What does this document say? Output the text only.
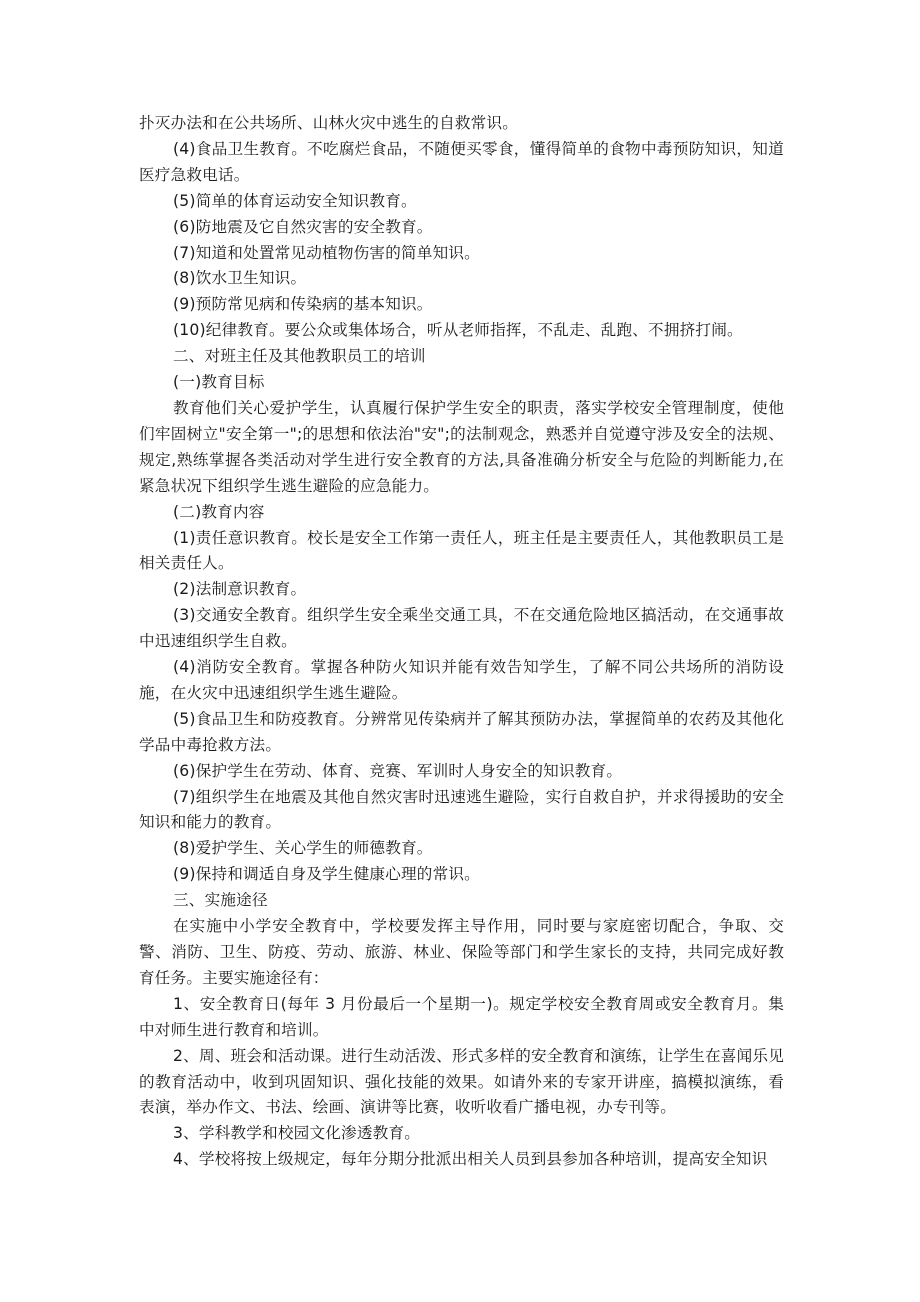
扑灭办法和在公共场所、山林火灾中逃生的自救常识。

(4)食品卫生教育。不吃腐烂食品，不随便买零食，懂得简单的食物中毒预防知识，知道医疗急救电话。

(5)简单的体育运动安全知识教育。

(6)防地震及它自然灾害的安全教育。

(7)知道和处置常见动植物伤害的简单知识。

(8)饮水卫生知识。

(9)预防常见病和传染病的基本知识。

(10)纪律教育。要公众或集体场合，听从老师指挥，不乱走、乱跑、不拥挤打闹。

二、对班主任及其他教职员工的培训

(一)教育目标

教育他们关心爱护学生，认真履行保护学生安全的职责，落实学校安全管理制度，使他们牢固树立"安全第一";的思想和依法治"安";的法制观念，熟悉并自觉遵守涉及安全的法规、规定,熟练掌握各类活动对学生进行安全教育的方法,具备准确分析安全与危险的判断能力,在紧急状况下组织学生逃生避险的应急能力。

(二)教育内容

(1)责任意识教育。校长是安全工作第一责任人，班主任是主要责任人，其他教职员工是相关责任人。

(2)法制意识教育。

(3)交通安全教育。组织学生安全乘坐交通工具，不在交通危险地区搞活动，在交通事故中迅速组织学生自救。

(4)消防安全教育。掌握各种防火知识并能有效告知学生，了解不同公共场所的消防设施，在火灾中迅速组织学生逃生避险。

(5)食品卫生和防疫教育。分辨常见传染病并了解其预防办法，掌握简单的农药及其他化学品中毒抢救方法。

(6)保护学生在劳动、体育、竞赛、军训时人身安全的知识教育。

(7)组织学生在地震及其他自然灾害时迅速逃生避险，实行自救自护，并求得援助的安全知识和能力的教育。

(8)爱护学生、关心学生的师德教育。

(9)保持和调适自身及学生健康心理的常识。

三、实施途径

在实施中小学安全教育中，学校要发挥主导作用，同时要与家庭密切配合，争取、交警、消防、卫生、防疫、劳动、旅游、林业、保险等部门和学生家长的支持，共同完成好教育任务。主要实施途径有：

1、安全教育日(每年 3 月份最后一个星期一)。规定学校安全教育周或安全教育月。集中对师生进行教育和培训。

2、周、班会和活动课。进行生动活泼、形式多样的安全教育和演练，让学生在喜闻乐见的教育活动中，收到巩固知识、强化技能的效果。如请外来的专家开讲座，搞模拟演练，看表演，举办作文、书法、绘画、演讲等比赛，收听收看广播电视，办专刊等。

3、学科教学和校园文化渗透教育。

4、学校将按上级规定，每年分期分批派出相关人员到县参加各种培训，提高安全知识
